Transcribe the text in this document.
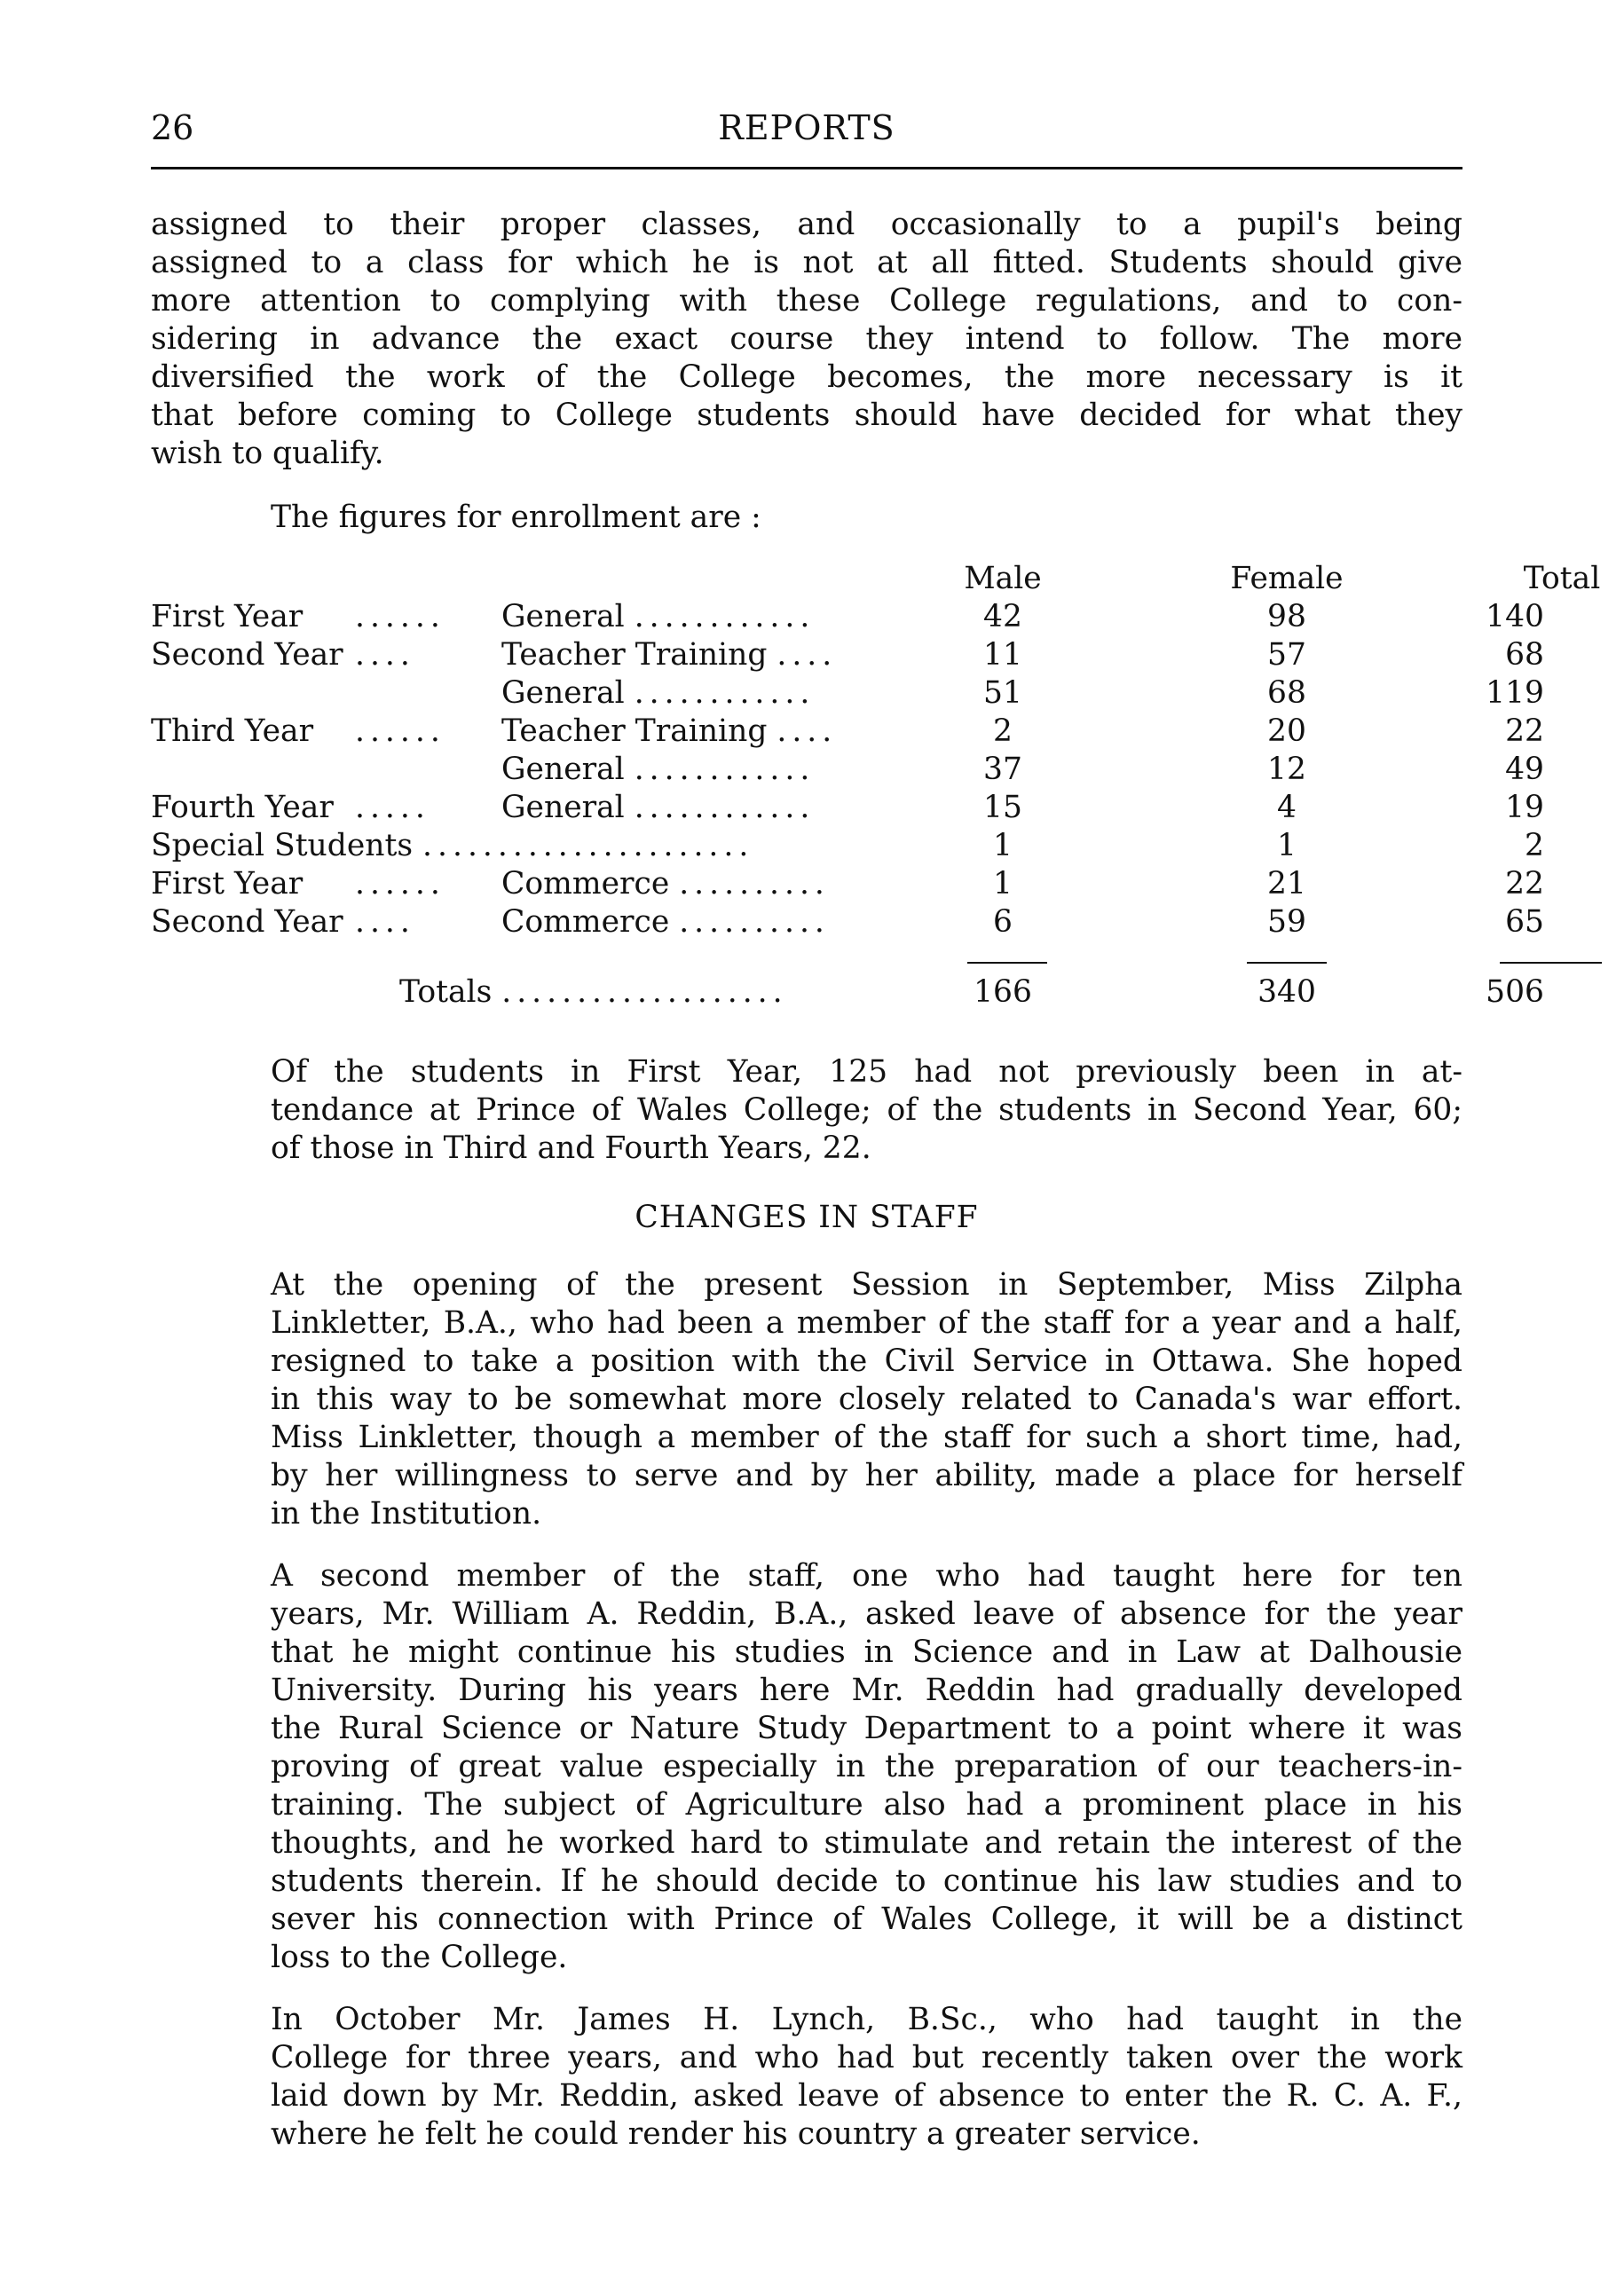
REPORTS
26
assigned to their proper classes, and occasionally to a pupil's being
assigned to a class for which he is not at all fitted. Students should give
more attention to complying with these College regulations, and to con-
sidering in advance the exact course they intend to follow. The more
diversified the work of the College becomes, the more necessary is it
that before coming to College students should have decided for what they
wish to qualify.

The figures for enrollment are :

Male	Female	Total
First Year ...... General ............	42	98	140
Second Year ....	Teacher Training ....	11	57	68
General ............	51	68	119
Third Year ...... Teacher Training ....	2	20	22
General ............	37	12	49
Fourth Year ..... General ............	15	4	19
Special Students ......................	1	1	2
First Year ...... Commerce ..........	1	21	22
Second Year ....	Commerce ..........	6	59	65
Totals ...................	166	340	506
Of the students in First Year, 125 had not previously been in at-
tendance at Prince of Wales College; of the students in Second Year, 60;
of those in Third and Fourth Years, 22.

CHANGES IN STAFF

At the opening of the present Session in September, Miss Zilpha
Linkletter, B.A., who had been a member of the staff for a year and a half,
resigned to take a position with the Civil Service in Ottawa. She hoped
in this way to be somewhat more closely related to Canada's war effort.
Miss Linkletter, though a member of the staff for such a short time, had,
by her willingness to serve and by her ability, made a place for herself
in the Institution.
A second member of the staff, one who had taught here for ten
years, Mr. William A. Reddin, B.A., asked leave of absence for the year
that he might continue his studies in Science and in Law at Dalhousie
University. During his years here Mr. Reddin had gradually developed
the Rural Science or Nature Study Department to a point where it was
proving of great value especially in the preparation of our teachers-in-
training. The subject of Agriculture also had a prominent place in his
thoughts, and he worked hard to stimulate and retain the interest of the
students therein. If he should decide to continue his law studies and to
sever his connection with Prince of Wales College, it will be a distinct
loss to the College.
In October Mr. James H. Lynch, B.Sc., who had taught in the
College for three years, and who had but recently taken over the work
laid down by Mr. Reddin, asked leave of absence to enter the R. C. A. F.,
where he felt he could render his country a greater service.
